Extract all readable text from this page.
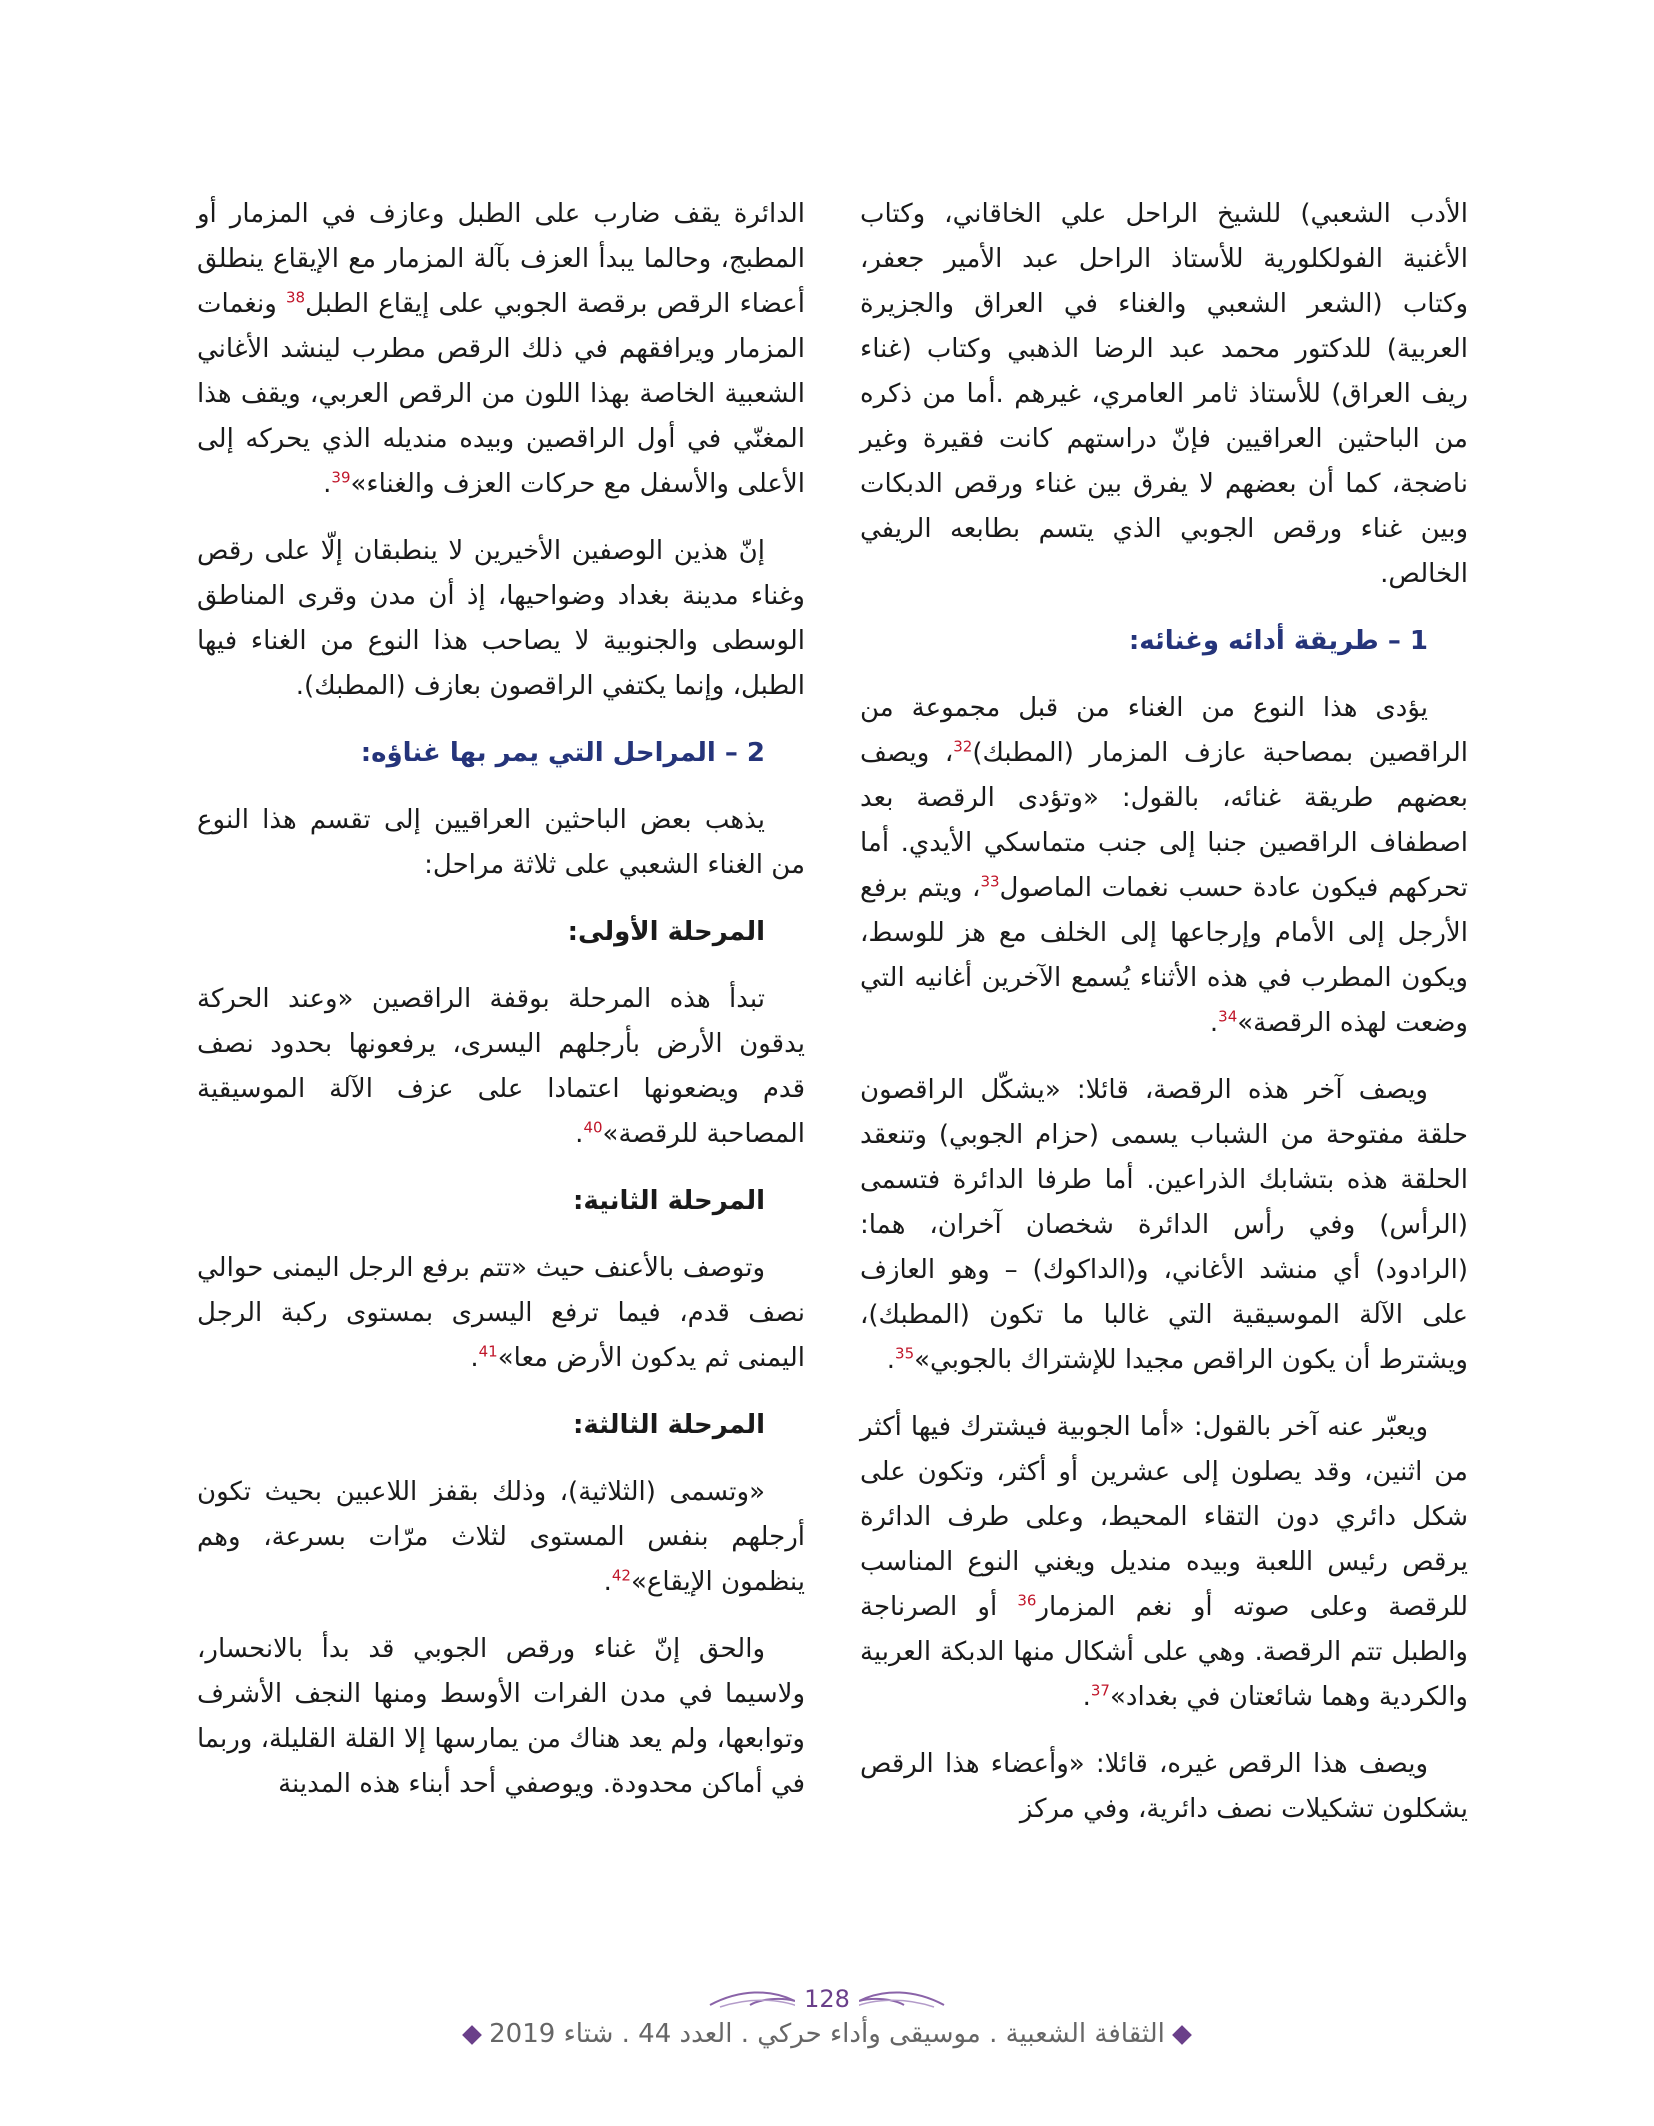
الأدب الشعبي) للشيخ الراحل علي الخاقاني، وكتاب الأغنية الفولكلورية للأستاذ الراحل عبد الأمير جعفر، وكتاب (الشعر الشعبي والغناء في العراق والجزيرة العربية) للدكتور محمد عبد الرضا الذهبي وكتاب (غناء ريف العراق) للأستاذ ثامر العامري، غيرهم .أما من ذكره من الباحثين العراقيين فإنّ دراستهم كانت فقيرة وغير ناضجة، كما أن بعضهم لا يفرق بين غناء ورقص الدبكات وبين غناء ورقص الجوبي الذي يتسم بطابعه الريفي الخالص.

1 – طريقة أدائه وغنائه:

يؤدى هذا النوع من الغناء من قبل مجموعة من الراقصين بمصاحبة عازف المزمار (المطبك)$^{32}$، ويصف بعضهم طريقة غنائه، بالقول: «وتؤدى الرقصة بعد اصطفاف الراقصين جنبا إلى جنب متماسكي الأيدي. أما تحركهم فيكون عادة حسب نغمات الماصول$^{33}$، ويتم برفع الأرجل إلى الأمام وإرجاعها إلى الخلف مع هز للوسط، ويكون المطرب في هذه الأثناء يُسمع الآخرين أغانيه التي وضعت لهذه الرقصة»$^{34}$.

ويصف آخر هذه الرقصة، قائلا: «يشكّل الراقصون حلقة مفتوحة من الشباب يسمى (حزام الجوبي) وتنعقد الحلقة هذه بتشابك الذراعين. أما طرفا الدائرة فتسمى (الرأس) وفي رأس الدائرة شخصان آخران، هما: (الرادود) أي منشد الأغاني، و(الداكوك) – وهو العازف على الآلة الموسيقية التي غالبا ما تكون (المطبك)، ويشترط أن يكون الراقص مجيدا للإشتراك بالجوبي»$^{35}$.

ويعبّر عنه آخر بالقول: «أما الجوبية فيشترك فيها أكثر من اثنين، وقد يصلون إلى عشرين أو أكثر، وتكون على شكل دائري دون التقاء المحيط، وعلى طرف الدائرة يرقص رئيس اللعبة وبيده منديل ويغني النوع المناسب للرقصة وعلى صوته أو نغم المزمار$^{36}$ أو الصرناجة والطبل تتم الرقصة. وهي على أشكال منها الدبكة العربية والكردية وهما شائعتان في بغداد»$^{37}$.

ويصف هذا الرقص غيره، قائلا: «وأعضاء هذا الرقص يشكلون تشكيلات نصف دائرية، وفي مركز

الدائرة يقف ضارب على الطبل وعازف في المزمار أو المطبج، وحالما يبدأ العزف بآلة المزمار مع الإيقاع ينطلق أعضاء الرقص برقصة الجوبي على إيقاع الطبل$^{38}$ ونغمات المزمار ويرافقهم في ذلك الرقص مطرب لينشد الأغاني الشعبية الخاصة بهذا اللون من الرقص العربي، ويقف هذا المغنّي في أول الراقصين وبيده منديله الذي يحركه إلى الأعلى والأسفل مع حركات العزف والغناء»$^{39}$.

إنّ هذين الوصفين الأخيرين لا ينطبقان إلّا على رقص وغناء مدينة بغداد وضواحيها، إذ أن مدن وقرى المناطق الوسطى والجنوبية لا يصاحب هذا النوع من الغناء فيها الطبل، وإنما يكتفي الراقصون بعازف (المطبك).

2 – المراحل التي يمر بها غناؤه:

يذهب بعض الباحثين العراقيين إلى تقسم هذا النوع من الغناء الشعبي على ثلاثة مراحل:

المرحلة الأولى:

تبدأ هذه المرحلة بوقفة الراقصين «وعند الحركة يدقون الأرض بأرجلهم اليسرى، يرفعونها بحدود نصف قدم ويضعونها اعتمادا على عزف الآلة الموسيقية المصاحبة للرقصة»$^{40}$.

المرحلة الثانية:

وتوصف بالأعنف حيث «تتم برفع الرجل اليمنى حوالي نصف قدم، فيما ترفع اليسرى بمستوى ركبة الرجل اليمنى ثم يدكون الأرض معا»$^{41}$.

المرحلة الثالثة:

«وتسمى (الثلاثية)، وذلك بقفز اللاعبين بحيث تكون أرجلهم بنفس المستوى لثلاث مرّات بسرعة، وهم ينظمون الإيقاع»$^{42}$.

والحق إنّ غناء ورقص الجوبي قد بدأ بالانحسار، ولاسيما في مدن الفرات الأوسط ومنها النجف الأشرف وتوابعها، ولم يعد هناك من يمارسها إلا القلة القليلة، وربما في أماكن محدودة. ويوصفي أحد أبناء هذه المدينة

128
الثقافة الشعبية . موسيقى وأداء حركي . العدد 44 . شتاء 2019
